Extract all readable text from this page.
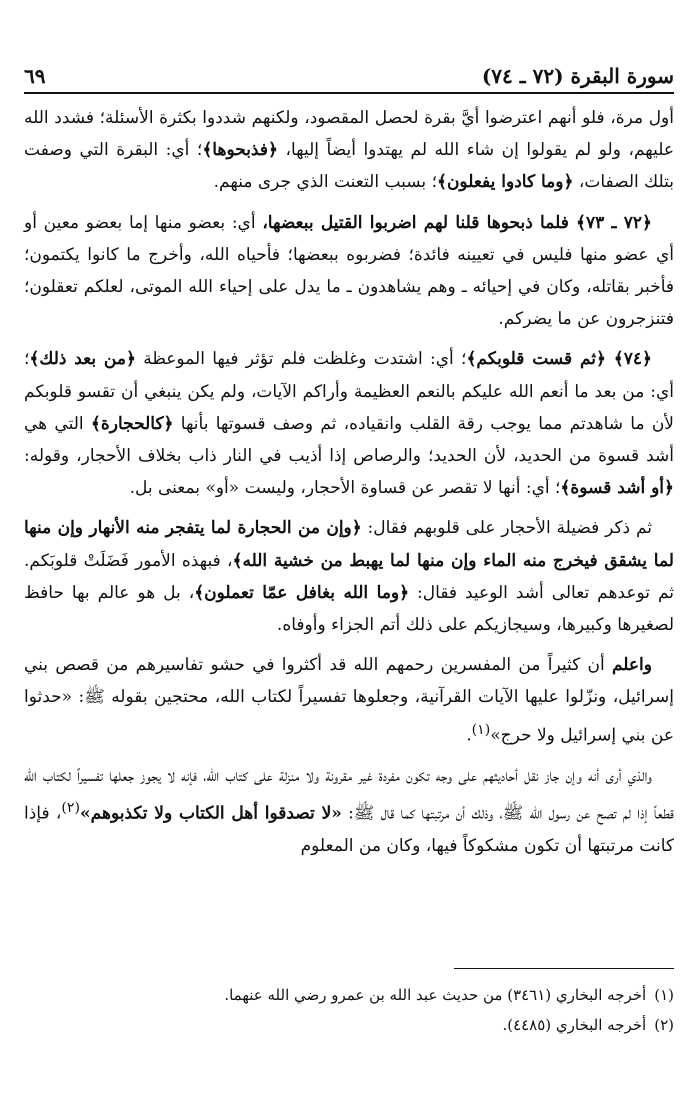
سورة البقرة (٧٢ ـ ٧٤)
٦٩

أول مرة، فلو أنهم اعترضوا أيَّ بقرة لحصل المقصود، ولكنهم شددوا بكثرة الأسئلة؛ فشدد الله عليهم، ولو لم يقولوا إن شاء الله لم يهتدوا أيضاً إليها، ﴿فذبحوها﴾؛ أي: البقرة التي وصفت بتلك الصفات، ﴿وما كادوا يفعلون﴾؛ بسبب التعنت الذي جرى منهم.

﴿٧٢ ـ ٧٣﴾ فلما ذبحوها قلنا لهم اضربوا القتيل ببعضها، أي: بعضو منها إما بعضو معين أو أي عضو منها فليس في تعيينه فائدة؛ فضربوه ببعضها؛ فأحياه الله، وأخرج ما كانوا يكتمون؛ فأخبر بقاتله، وكان في إحيائه ـ وهم يشاهدون ـ ما يدل على إحياء الله الموتى، لعلكم تعقلون؛ فتنزجرون عن ما يضركم.

﴿٧٤﴾ ﴿ثم قست قلوبكم﴾؛ أي: اشتدت وغلظت فلم تؤثر فيها الموعظة ﴿من بعد ذلك﴾؛ أي: من بعد ما أنعم الله عليكم بالنعم العظيمة وأراكم الآيات، ولم يكن ينبغي أن تقسو قلوبكم لأن ما شاهدتم مما يوجب رقة القلب وانقياده، ثم وصف قسوتها بأنها ﴿كالحجارة﴾ التي هي أشد قسوة من الحديد، لأن الحديد؛ والرصاص إذا أذيب في النار ذاب بخلاف الأحجار، وقوله: ﴿أو أشد قسوة﴾؛ أي: أنها لا تقصر عن قساوة الأحجار، وليست «أو» بمعنى بل.

ثم ذكر فضيلة الأحجار على قلوبهم فقال: ﴿وإن من الحجارة لما يتفجر منه الأنهار وإن منها لما يشقق فيخرج منه الماء وإن منها لما يهبط من خشية الله﴾، فبهذه الأمور فَضَلَتْ قلوبَكم. ثم توعدهم تعالى أشد الوعيد فقال: ﴿وما الله بغافل عمّا تعملون﴾، بل هو عالم بها حافظ لصغيرها وكبيرها، وسيجازيكم على ذلك أتم الجزاء وأوفاه.

واعلم أن كثيراً من المفسرين رحمهم الله قد أكثروا في حشو تفاسيرهم من قصص بني إسرائيل، ونزّلوا عليها الآيات القرآنية، وجعلوها تفسيراً لكتاب الله، محتجين بقوله ﷺ: «حدثوا عن بني إسرائيل ولا حرج»$^{(١)}$.

والذي أرى أنه وإن جاز نقل أحاديثهم على وجه تكون مفردة غير مقرونة ولا منزلة على كتاب الله، فإنه لا يجوز جعلها تفسيراً لكتاب الله قطعاً إذا لم تصح عن رسول الله ﷺ، وذلك أن مرتبتها كما قال ﷺ: «لا تصدقوا أهل الكتاب ولا تكذبوهم»$^{(٢)}$، فإذا كانت مرتبتها أن تكون مشكوكاً فيها، وكان من المعلوم

(١)
أخرجه البخاري (٣٤٦١) من حديث عبد الله بن عمرو رضي الله عنهما.
(٢)
أخرجه البخاري (٤٤٨٥).
